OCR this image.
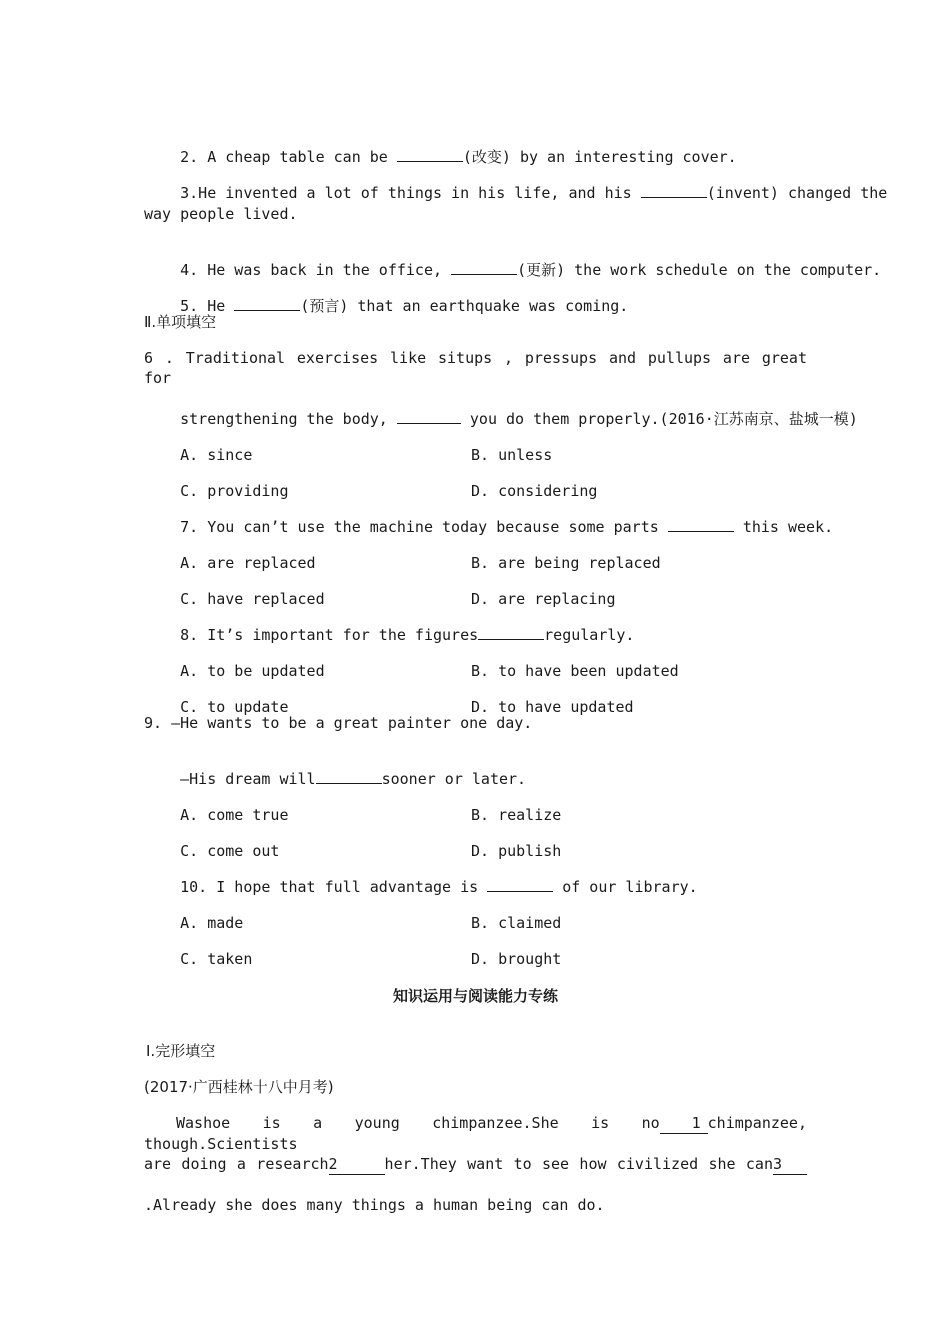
2. A cheap table can be	(改变) by an interesting cover.

3.He invented a lot of things in his life, and his	(invent) changed the

way people lived.

4. He was back in the office,	(更新) the work schedule on the computer.

5. He	(预言) that an earthquake was coming.

Ⅱ.单项填空
6 . Traditional exercises like situps , pressups and pullups are great for

strengthening the body,	you do them properly.(2016·江苏南京、盐城一模)

A. since	B. unless

C. providing	D. considering

7. You can’t use the machine today because some parts	this week.

A. are replaced	B. are being replaced

C. have replaced	D. are replacing

8. It’s important for the figures	regularly.

A. to be updated	B. to have been updated

C. to update	D. to have updated

9. —He wants to be a great painter one day.

—His dream will	sooner or later.

A. come true	B. realize

C. come out	D. publish

10. I hope that full advantage is	of our library.

A. made	B. claimed

C. taken	D. brought

知识运用与阅读能力专练
Ⅰ.完形填空
(2017·广西桂林十八中月考)
Washoe is a young chimpanzee.She is no 1 chimpanzee, though.Scientists
are doing a research2	her.They want to see how civilized she can3
.Already she does many things a human being can do.
